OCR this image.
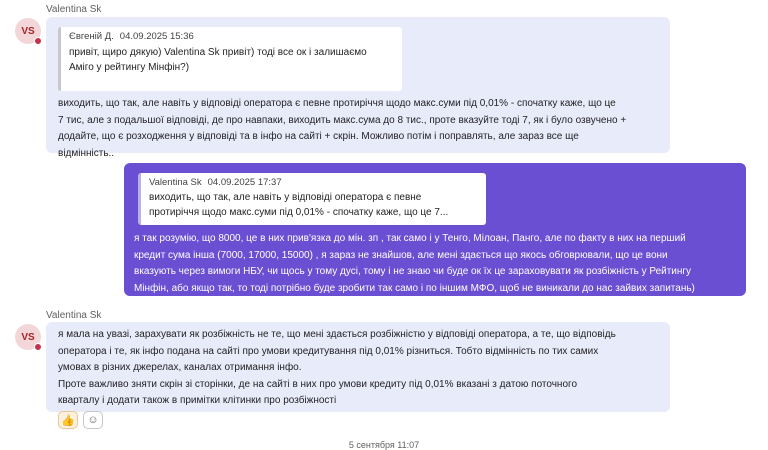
Valentina Sk
VS	Євгеній Д. 04.09.2025 15:36
привіт, щиро дякую) Valentina Sk привіт) тоді все ок і залишаємо
Аміго у рейтингу Мінфін?)
виходить, що так, але навіть у відповіді оператора є певне протиріччя щодо макс.суми під 0,01% - спочатку каже, що це
7 тис, але з подальшої відповіді, де про навпаки, виходить макс.сума до 8 тис., проте вказуйте тоді 7, як і було озвучено +
додайте, що є розходження у відповіді та в інфо на сайті + скрін. Можливо потім і поправлять, але зараз все ще
відмінність..
Valentina Sk 04.09.2025 17:37
виходить, що так, але навіть у відповіді оператора є певне
протиріччя щодо макс.суми під 0,01% - спочатку каже, що це 7...
я так розумію, що 8000, це в них прив'язка до мін. зп , так само і у Тенго, Мілоан, Панго, але по факту в них на перший
кредит сума інша (7000, 17000, 15000) , я зараз не знайшов, але мені здається що якось обговрювали, що це вони
вказують через вимоги НБУ, чи щось у тому дусі, тому і не знаю чи буде ок їх це зараховувати як розбіжність у Рейтингу
Мінфін, або якщо так, то тоді потрібно буде зробити так само і по іншим МФО, щоб не виникали до нас зайвих запитань)
Valentina Sk
VS я мала на увазі, зарахувати як розбіжність не те, що мені здається розбіжністю у відповіді оператора, а те, що відповідь
оператора і те, як інфо подана на сайті про умови кредитування під 0,01% різниться. Тобто відмінність по тих самих
умовах в різних джерелах, каналах отримання інфо.
Проте важливо зняти скрін зі сторінки, де на сайті в них про умови кредиту під 0,01% вказані з датою поточного
кварталу і додати також в примітки клітинки про розбіжності
👍	☺
5 сентября 11:07
